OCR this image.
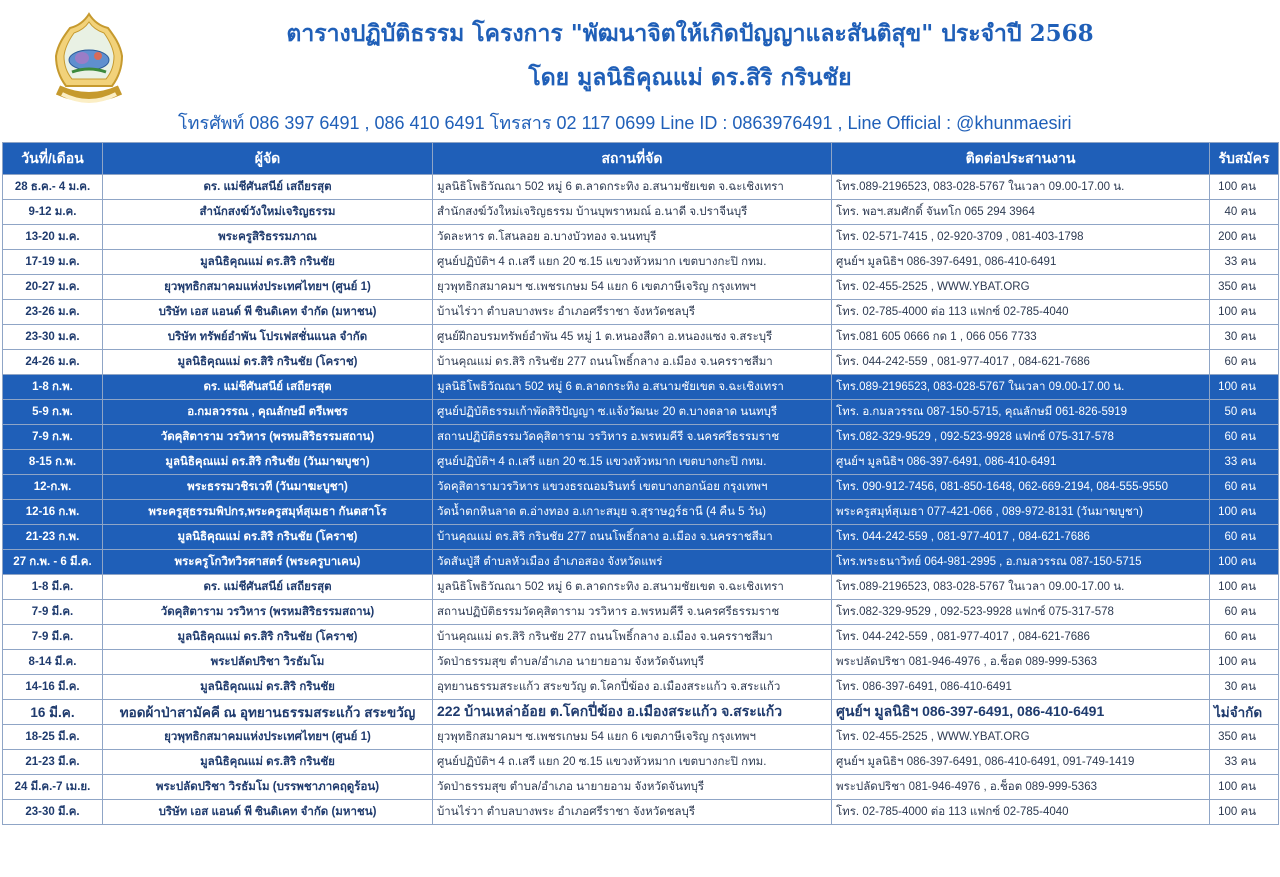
ตารางปฏิบัติธรรม โครงการ "พัฒนาจิตให้เกิดปัญญาและสันติสุข" ประจำปี 2568
โดย มูลนิธิคุณแม่ ดร.สิริ กรินชัย
โทรศัพท์ 086 397 6491 , 086 410 6491 โทรสาร 02 117 0699 Line ID : 0863976491 , Line Official : @khunmaesiri
วันที่/เดือน	ผู้จัด	สถานที่จัด	ติดต่อประสานงาน	รับสมัคร
28 ธ.ค.- 4 ม.ค.	ดร. แม่ชีศันสนีย์ เสถียรสุต	มูลนิธิโพธิวัณณา 502 หมู่ 6 ต.ลาดกระทิง อ.สนามชัยเขต จ.ฉะเชิงเทรา	โทร.089-2196523, 083-028-5767 ในเวลา 09.00-17.00 น.	100 คน
9-12 ม.ค.	สำนักสงฆ์วังใหม่เจริญธรรม	สำนักสงฆ์วังใหม่เจริญธรรม บ้านบุพราหมณ์ อ.นาดี จ.ปราจีนบุรี	โทร. พอฯ.สมศักดิ์ จันทโก 065 294 3964	40 คน
13-20 ม.ค.	พระครูสิริธรรมภาณ	วัดละหาร ต.โสนลอย อ.บางบัวทอง จ.นนทบุรี	โทร. 02-571-7415 , 02-920-3709 , 081-403-1798	200 คน
17-19 ม.ค.	มูลนิธิคุณแม่ ดร.สิริ กรินชัย	ศูนย์ปฏิบัติฯ 4 ถ.เสรี แยก 20 ซ.15 แขวงหัวหมาก เขตบางกะปิ กทม.	ศูนย์ฯ มูลนิธิฯ 086-397-6491, 086-410-6491	33 คน
20-27 ม.ค.	ยุวพุทธิกสมาคมแห่งประเทศไทยฯ (ศูนย์ 1)	ยุวพุทธิกสมาคมฯ ซ.เพชรเกษม 54 แยก 6 เขตภาษีเจริญ กรุงเทพฯ	โทร. 02-455-2525 , WWW.YBAT.ORG	350 คน
23-26 ม.ค.	บริษัท เอส แอนด์ พี ซินดิเคท จำกัด (มหาชน)	บ้านไร่วา ตำบลบางพระ อำเภอศรีราชา จังหวัดชลบุรี	โทร. 02-785-4000 ต่อ 113 แฟกซ์ 02-785-4040	100 คน
23-30 ม.ค.	บริษัท ทรัพย์อำพัน โปรเฟสชั่นแนล จำกัด	ศูนย์ฝึกอบรมทรัพย์อำพัน 45 หมู่ 1 ต.หนองสีดา อ.หนองแซง จ.สระบุรี	โทร.081 605 0666 กด 1 , 066 056 7733	30 คน
24-26 ม.ค.	มูลนิธิคุณแม่ ดร.สิริ กรินชัย (โคราช)	บ้านคุณแม่ ดร.สิริ กรินชัย 277 ถนนโพธิ์กลาง อ.เมือง จ.นครราชสีมา	โทร. 044-242-559 , 081-977-4017 , 084-621-7686	60 คน
1-8 ก.พ.	ดร. แม่ชีศันสนีย์ เสถียรสุต	มูลนิธิโพธิวัณณา 502 หมู่ 6 ต.ลาดกระทิง อ.สนามชัยเขต จ.ฉะเชิงเทรา	โทร.089-2196523, 083-028-5767 ในเวลา 09.00-17.00 น.	100 คน
5-9 ก.พ.	อ.กมลวรรณ , คุณลักษมี ตรีเพชร	ศูนย์ปฏิบัติธรรมเก้าพัดสิริปัญญา ซ.แจ้งวัฒนะ 20 ต.บางตลาด นนทบุรี	โทร. อ.กมลวรรณ 087-150-5715, คุณลักษมี 061-826-5919	50 คน
7-9 ก.พ.	วัดคุสิตาราม วรวิหาร (พรหมสิริธรรมสถาน)	สถานปฏิบัติธรรมวัดคุสิตาราม วรวิหาร อ.พรหมคีรี จ.นครศรีธรรมราช	โทร.082-329-9529 , 092-523-9928 แฟกซ์ 075-317-578	60 คน
8-15 ก.พ.	มูลนิธิคุณแม่ ดร.สิริ กรินชัย (วันมาฆบูชา)	ศูนย์ปฏิบัติฯ 4 ถ.เสรี แยก 20 ซ.15 แขวงหัวหมาก เขตบางกะปิ กทม.	ศูนย์ฯ มูลนิธิฯ 086-397-6491, 086-410-6491	33 คน
12-ก.พ.	พระธรรมวชิรเวที (วันมาฆะบูชา)	วัดคุสิตารามวรวิหาร แขวงธรณอมรินทร์ เขตบางกอกน้อย กรุงเทพฯ	โทร. 090-912-7456, 081-850-1648, 062-669-2194, 084-555-9550	60 คน
12-16 ก.พ.	พระครูสุธรรมพิปกร,พระครูสมุห์สุเมธา กันตสาโร	วัดน้ำตกหินลาด ต.อ่างทอง อ.เกาะสมุย จ.สุราษฎร์ธานี (4 คืน 5 วัน)	พระครูสมุห์สุเมธา 077-421-066 , 089-972-8131 (วันมาฆบูชา)	100 คน
21-23 ก.พ.	มูลนิธิคุณแม่ ดร.สิริ กรินชัย (โคราช)	บ้านคุณแม่ ดร.สิริ กรินชัย 277 ถนนโพธิ์กลาง อ.เมือง จ.นครราชสีมา	โทร. 044-242-559 , 081-977-4017 , 084-621-7686	60 คน
27 ก.พ. - 6 มี.ค.	พระครูโกวิทวิรศาสตร์ (พระครูบาเคน)	วัดสันปู่สี ตำบลหัวเมือง อำเภอสอง จังหวัดแพร่	โทร.พระธนาวิทย์ 064-981-2995 , อ.กมลวรรณ 087-150-5715	100 คน
1-8 มี.ค.	ดร. แม่ชีศันสนีย์ เสถียรสุต	มูลนิธิโพธิวัณณา 502 หมู่ 6 ต.ลาดกระทิง อ.สนามชัยเขต จ.ฉะเชิงเทรา	โทร.089-2196523, 083-028-5767 ในเวลา 09.00-17.00 น.	100 คน
7-9 มี.ค.	วัดคุสิตาราม วรวิหาร (พรหมสิริธรรมสถาน)	สถานปฏิบัติธรรมวัดคุสิตาราม วรวิหาร อ.พรหมคีรี จ.นครศรีธรรมราช	โทร.082-329-9529 , 092-523-9928 แฟกซ์ 075-317-578	60 คน
7-9 มี.ค.	มูลนิธิคุณแม่ ดร.สิริ กรินชัย (โคราช)	บ้านคุณแม่ ดร.สิริ กรินชัย 277 ถนนโพธิ์กลาง อ.เมือง จ.นครราชสีมา	โทร. 044-242-559 , 081-977-4017 , 084-621-7686	60 คน
8-14 มี.ค.	พระปลัดปริชา วิรธัมโม	วัดป่าธรรมสุข ตำบล/อำเภอ นายายอาม จังหวัดจันทบุรี	พระปลัดปริชา 081-946-4976 , อ.ช็อต 089-999-5363	100 คน
14-16 มี.ค.	มูลนิธิคุณแม่ ดร.สิริ กรินชัย	อุทยานธรรมสระแก้ว สระขวัญ ต.โคกปี่ฆ้อง อ.เมืองสระแก้ว จ.สระแก้ว	โทร. 086-397-6491, 086-410-6491	30 คน
16 มี.ค.	ทอดผ้าป่าสามัคคี ณ อุทยานธรรมสระแก้ว สระขวัญ	222 บ้านเหล่าอ้อย ต.โคกปี่ฆ้อง อ.เมืองสระแก้ว จ.สระแก้ว	ศูนย์ฯ มูลนิธิฯ 086-397-6491, 086-410-6491	ไม่จำกัด
18-25 มี.ค.	ยุวพุทธิกสมาคมแห่งประเทศไทยฯ (ศูนย์ 1)	ยุวพุทธิกสมาคมฯ ซ.เพชรเกษม 54 แยก 6 เขตภาษีเจริญ กรุงเทพฯ	โทร. 02-455-2525 , WWW.YBAT.ORG	350 คน
21-23 มี.ค.	มูลนิธิคุณแม่ ดร.สิริ กรินชัย	ศูนย์ปฏิบัติฯ 4 ถ.เสรี แยก 20 ซ.15 แขวงหัวหมาก เขตบางกะปิ กทม.	ศูนย์ฯ มูลนิธิฯ 086-397-6491, 086-410-6491, 091-749-1419	33 คน
24 มี.ค.-7 เม.ย.	พระปลัดปริชา วิรธัมโม (บรรพชาภาคฤดูร้อน)	วัดป่าธรรมสุข ตำบล/อำเภอ นายายอาม จังหวัดจันทบุรี	พระปลัดปริชา 081-946-4976 , อ.ช็อต 089-999-5363	100 คน
23-30 มี.ค.	บริษัท เอส แอนด์ พี ซินดิเคท จำกัด (มหาชน)	บ้านไร่วา ตำบลบางพระ อำเภอศรีราชา จังหวัดชลบุรี	โทร. 02-785-4000 ต่อ 113 แฟกซ์ 02-785-4040	100 คน
